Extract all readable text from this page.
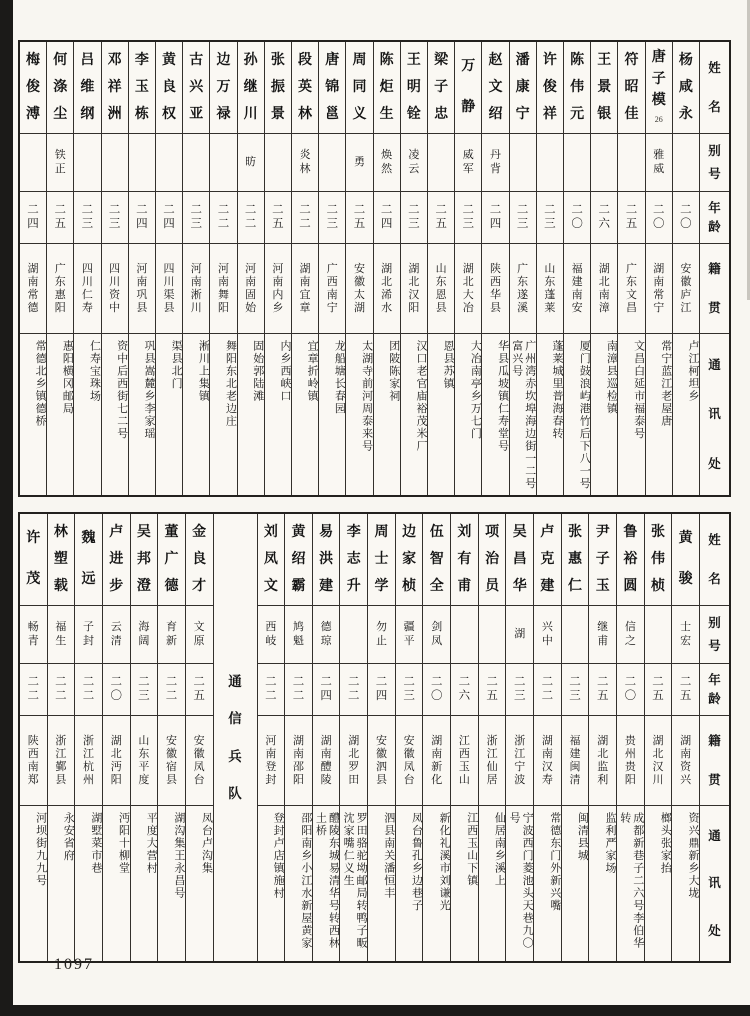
姓
名
别
号
年
龄
籍
贯
通
讯
处
杨
咸
永
二
〇
安
徽
庐
江
卢江柯坦乡
唐
子
模
26
雅
威
二
〇
湖
南
常
宁
常宁蓝江老屋唐
符
昭
佳
二
五
广
东
文
昌
文昌白延市福泰号
王
景
银
二
六
湖
北
南
漳
南漳县巡检镇
陈
伟
元
二
〇
福
建
南
安
厦门鼓浪屿港竹后下八一号
许
俊
祥
二
三
山
东
蓬
莱
蓬莱城里普海春转
潘
康
宁
二
三
广
东
遂
溪
广州湾赤坎埠海边街一二号富兴号
赵
文
绍
丹
背
二
四
陕
西
华
县
华县瓜坡镇仁寿堂号
万
静
威
军
二
三
湖
北
大
冶
大冶南亭乡万七门
梁
子
忠
二
五
山
东
恩
县
恩县苏镇
王
明
铨
凌
云
二
三
湖
北
汉
阳
汉口老官庙裕茂米厂
陈
炬
生
焕
然
二
四
湖
北
浠
水
团陂陈家祠
周
同
义
勇
二
五
安
徽
太
湖
太湖寺前河周泰来号
唐
锦
邕
二
三
广
西
南
宁
龙船塘长春园
段
英
林
炎
林
二
二
湖
南
宜
章
宜章折岭镇
张
振
景
二
五
河
南
内
乡
内乡西峡口
孙
继
川
昉
二
二
河
南
固
始
固始郭陆滩
边
万
禄
二
二
河
南
舞
阳
舞阳东北老边庄
古
兴
亚
二
三
河
南
淅
川
淅川上集镇
黄
良
权
二
四
四
川
渠
县
渠县北门
李
玉
栋
二
四
河
南
巩
县
巩县嵩麓乡李家瑶
邓
祥
洲
二
三
四
川
资
中
资中后西街七二号
吕
维
纲
二
三
四
川
仁
寿
仁寿宝珠场
何
涤
尘
铁
正
二
五
广
东
惠
阳
惠阳横冈邮局
梅
俊
溥
二
四
湖
南
常
德
常德北乡镇德桥
姓
名
别
号
年
龄
籍
贯
通
讯
处
黄
骏
士
宏
二
五
湖
南
资
兴
资兴鼎新乡大垅
张
伟
桢
二
五
湖
北
汉
川
榔头张家抬
鲁
裕
圆
信
之
二
〇
贵
州
贵
阳
成都新巷子二六号李伯华转
尹
子
玉
继
甫
二
五
湖
北
监
利
监利严家场
张
惠
仁
二
三
福
建
闽
清
闽清县城
卢
克
建
兴
中
二
二
湖
南
汉
寿
常德东门外新兴嘴
吴
昌
华
湖
二
三
浙
江
宁
波
宁波西门菱池头天巷九〇号
项
治
员
二
五
浙
江
仙
居
仙居南乡溪上
刘
有
甫
二
六
江
西
玉
山
江西玉山下镇
伍
智
全
剑
凤
二
〇
湖
南
新
化
新化礼溪市刘谦光
边
家
桢
疆
平
二
三
安
徽
凤
台
凤台鲁孔乡边巷子
周
士
学
勿
止
二
四
安
徽
泗
县
泗县南关潘恒丰
李
志
升
二
二
湖
北
罗
田
罗田骆驼坳邮局转鸭子畈沈家嘴仁义生
易
洪
建
德
琼
二
四
湖
南
醴
陵
醴陵东城易清华号转西林土桥
黄
绍
霸
鸠
魁
二
二
湖
南
邵
阳
邵阳南乡小江水新屋黄家
刘
凤
文
西
岐
二
二
河
南
登
封
登封卢店镇施村
通
信
兵
队
金
良
才
文
原
二
五
安
徽
凤
台
凤台卢沟集
董
广
德
育
新
二
二
安
徽
宿
县
湖沟集王永昌号
吴
邦
澄
海
阔
二
三
山
东
平
度
平度大营村
卢
进
步
云
清
二
〇
湖
北
沔
阳
沔阳十柳堂
魏
远
子
封
二
二
浙
江
杭
州
湖墅菜市巷
林
塑
载
福
生
二
二
浙
江
鄞
县
永安省府
许
茂
畅
青
二
二
陕
西
南
郑
河坝街九九号
1097
